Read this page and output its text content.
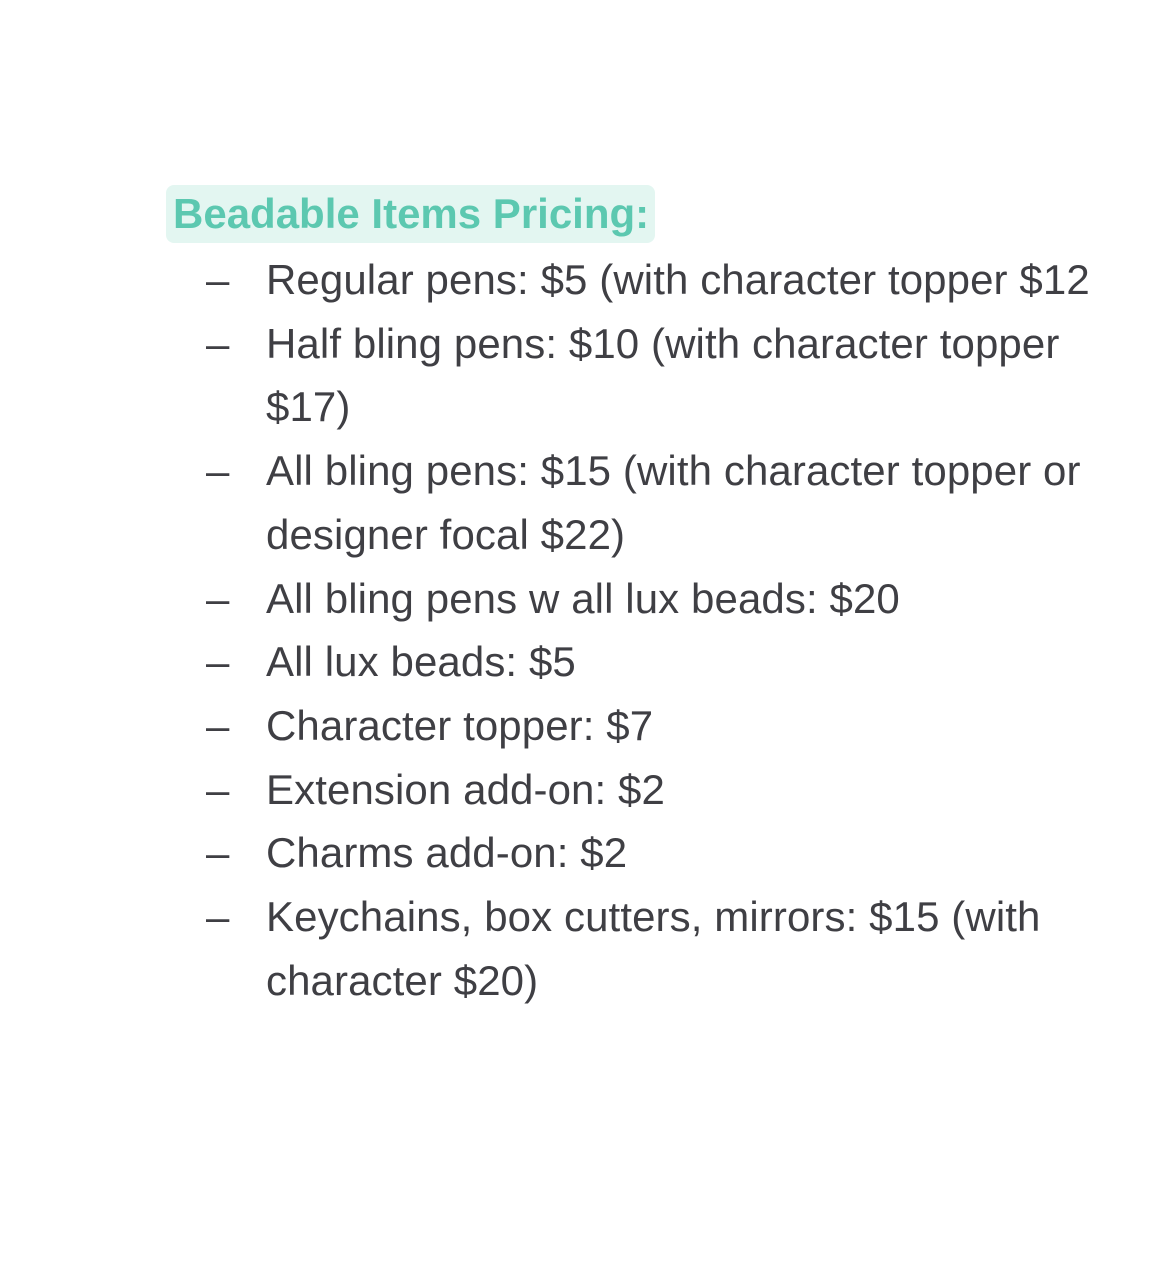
Beadable Items Pricing:
– Regular pens: $5 (with character topper $12
– Half bling pens: $10 (with character topper $17)
– All bling pens: $15 (with character topper or designer focal $22)
– All bling pens w all lux beads: $20
– All lux beads: $5
– Character topper: $7
– Extension add-on: $2
– Charms add-on: $2
– Keychains, box cutters, mirrors: $15 (with character $20)
